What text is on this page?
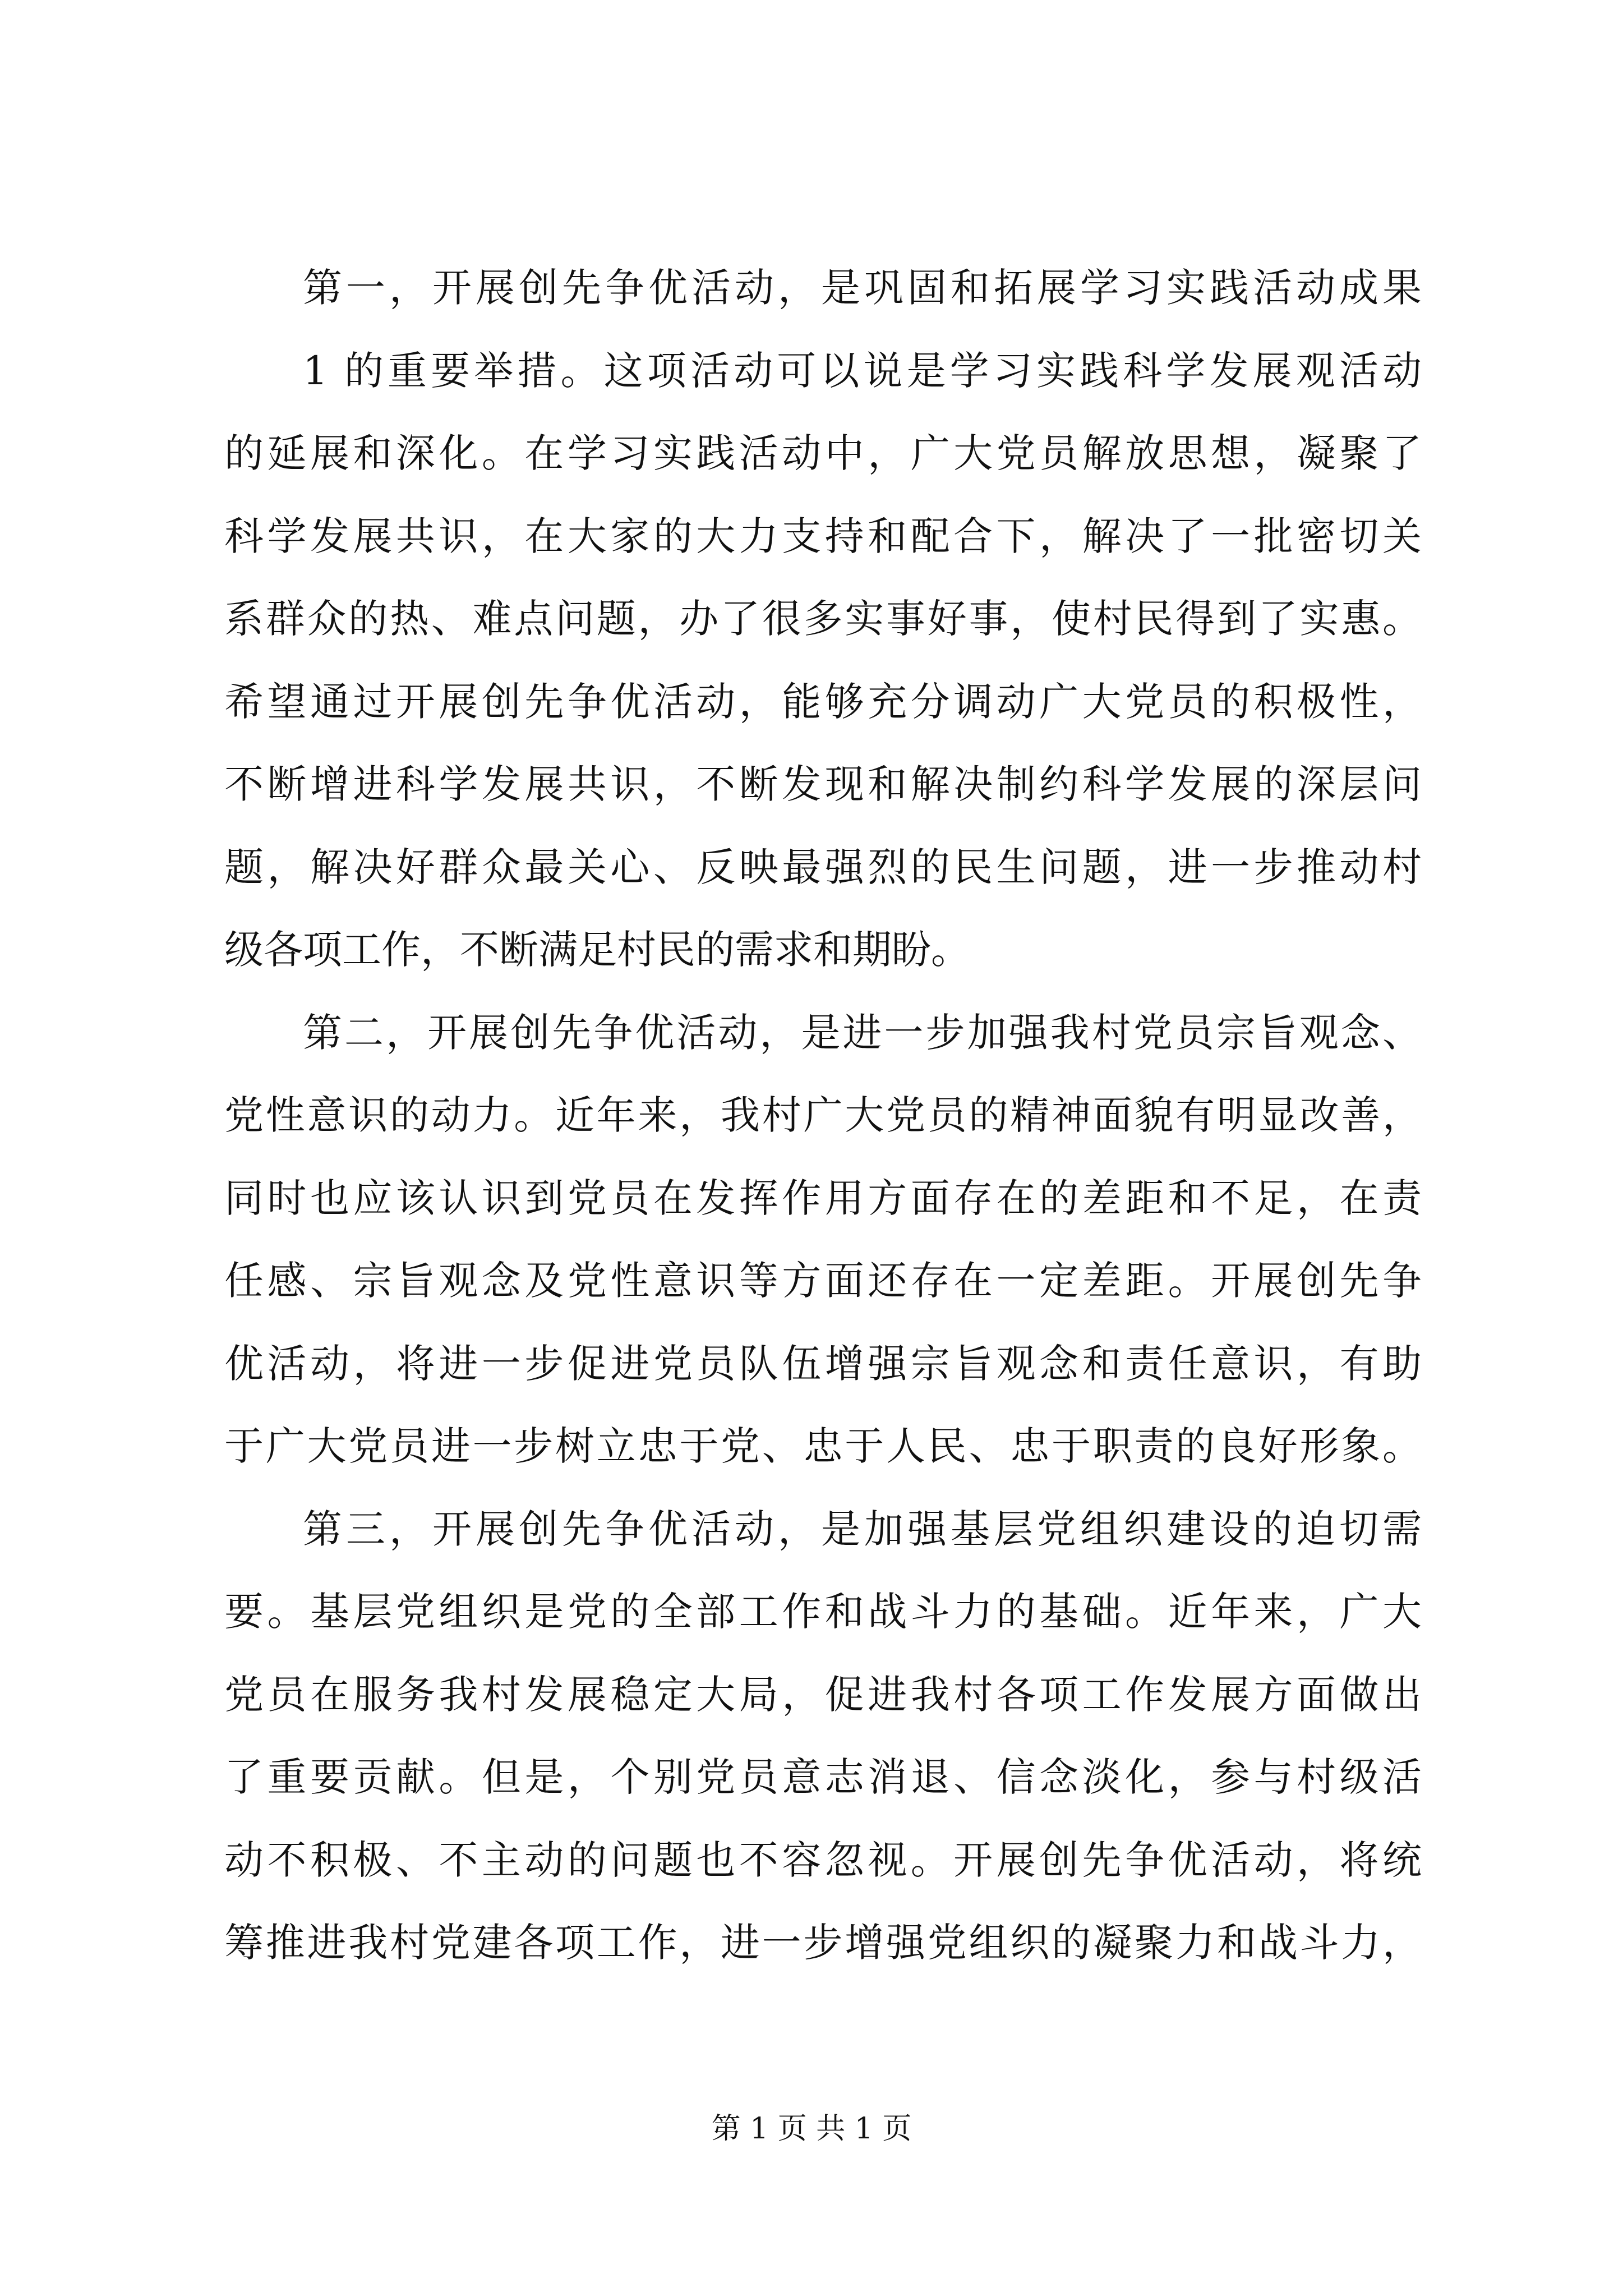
第一，开展创先争优活动，是巩固和拓展学习实践活动成果
1 的重要举措。这项活动可以说是学习实践科学发展观活动
的延展和深化。在学习实践活动中，广大党员解放思想，凝聚了
科学发展共识，在大家的大力支持和配合下，解决了一批密切关
系群众的热、难点问题，办了很多实事好事，使村民得到了实惠。
希望通过开展创先争优活动，能够充分调动广大党员的积极性，
不断增进科学发展共识，不断发现和解决制约科学发展的深层问
题，解决好群众最关心、反映最强烈的民生问题，进一步推动村
级各项工作，不断满足村民的需求和期盼。
第二，开展创先争优活动，是进一步加强我村党员宗旨观念、
党性意识的动力。近年来，我村广大党员的精神面貌有明显改善，
同时也应该认识到党员在发挥作用方面存在的差距和不足，在责
任感、宗旨观念及党性意识等方面还存在一定差距。开展创先争
优活动，将进一步促进党员队伍增强宗旨观念和责任意识，有助
于广大党员进一步树立忠于党、忠于人民、忠于职责的良好形象。
第三，开展创先争优活动，是加强基层党组织建设的迫切需
要。基层党组织是党的全部工作和战斗力的基础。近年来，广大
党员在服务我村发展稳定大局，促进我村各项工作发展方面做出
了重要贡献。但是，个别党员意志消退、信念淡化，参与村级活
动不积极、不主动的问题也不容忽视。开展创先争优活动，将统
筹推进我村党建各项工作，进一步增强党组织的凝聚力和战斗力，
第 1 页 共 1 页
